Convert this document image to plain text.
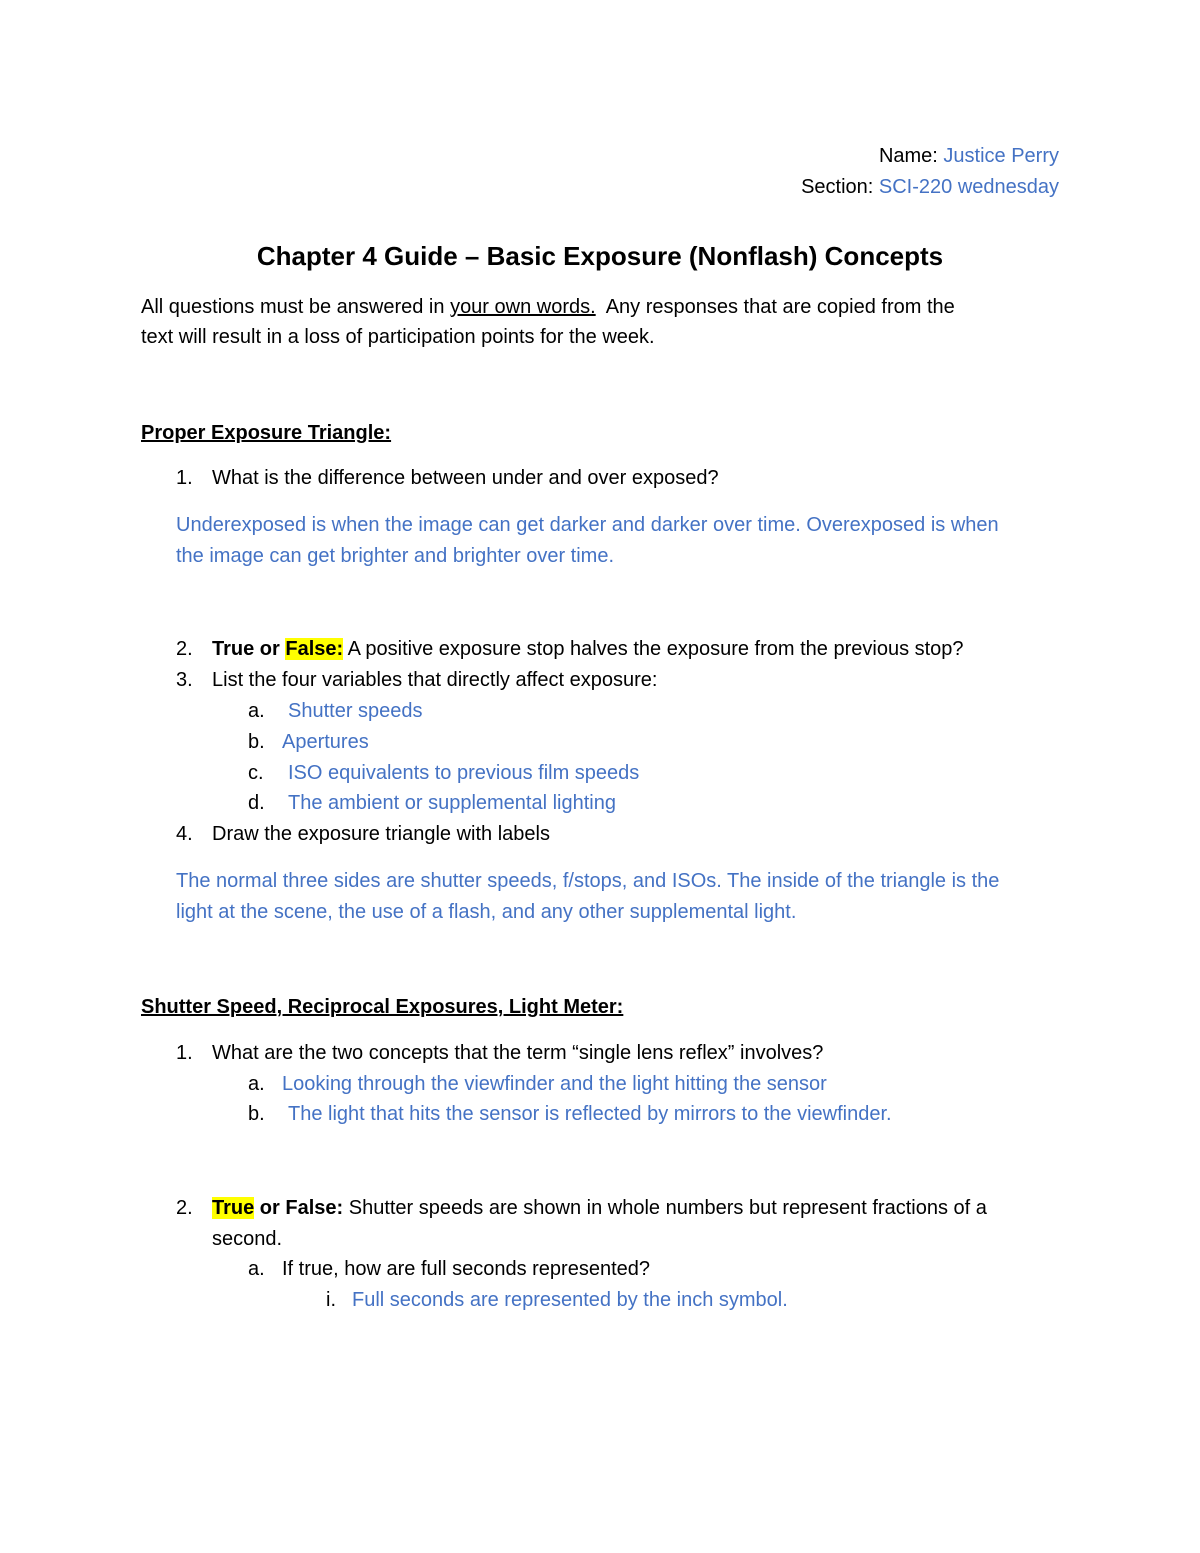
Name: Justice Perry
Section: SCI-220 wednesday
Chapter 4 Guide – Basic Exposure (Nonflash) Concepts
All questions must be answered in your own words.  Any responses that are copied from the
text will result in a loss of participation points for the week.
Proper Exposure Triangle:
1. What is the difference between under and over exposed?
Underexposed is when the image can get darker and darker over time. Overexposed is when
the image can get brighter and brighter over time.
2. True or False: A positive exposure stop halves the exposure from the previous stop?
3. List the four variables that directly affect exposure:
a. Shutter speeds
b. Apertures
c. ISO equivalents to previous film speeds
d. The ambient or supplemental lighting
4. Draw the exposure triangle with labels
The normal three sides are shutter speeds, f/stops, and ISOs. The inside of the triangle is the
light at the scene, the use of a flash, and any other supplemental light.
Shutter Speed, Reciprocal Exposures, Light Meter:
1. What are the two concepts that the term “single lens reflex” involves?
a. Looking through the viewfinder and the light hitting the sensor
b. The light that hits the sensor is reflected by mirrors to the viewfinder.
2. True or False: Shutter speeds are shown in whole numbers but represent fractions of a
second.
a. If true, how are full seconds represented?
i. Full seconds are represented by the inch symbol.
